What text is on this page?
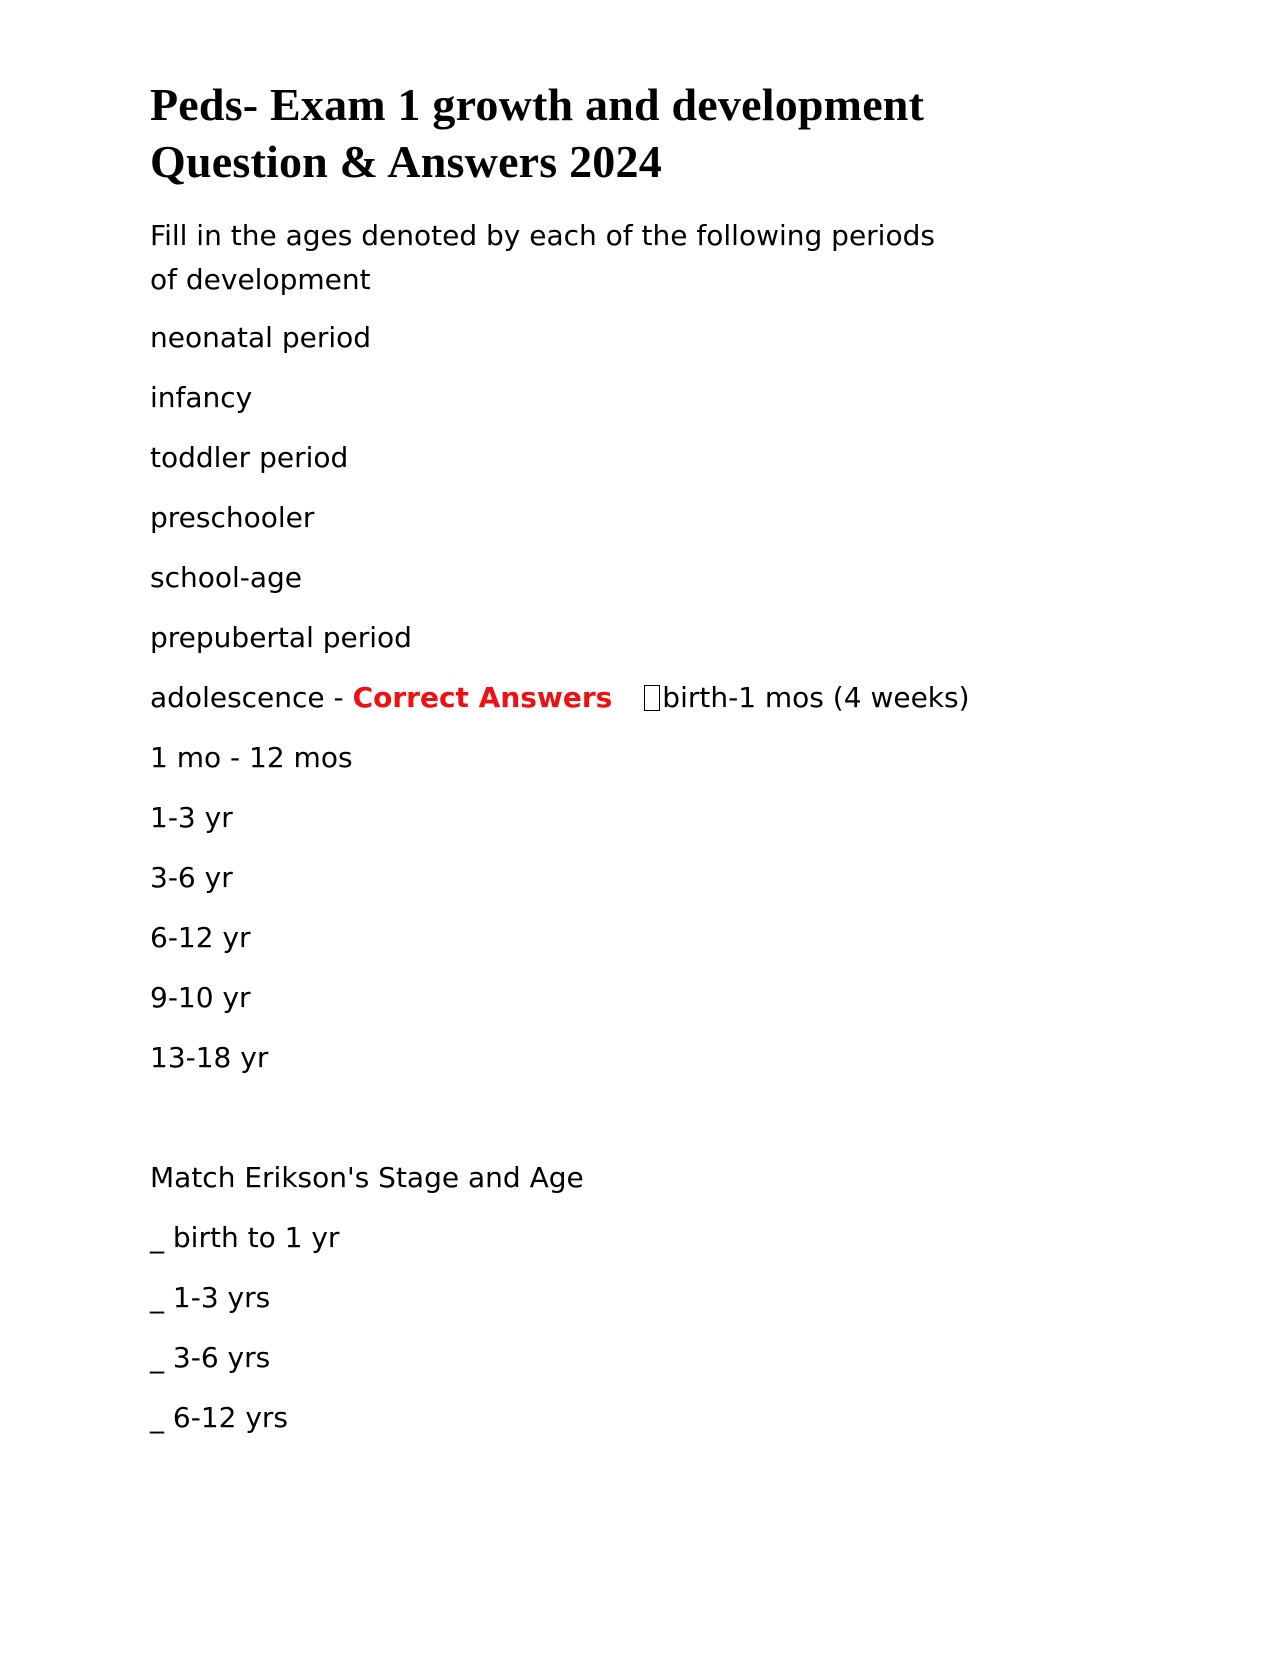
Peds- Exam 1 growth and development
Question & Answers 2024

Fill in the ages denoted by each of the following periods of development

neonatal period

infancy

toddler period

preschooler

school-age

prepubertal period

adolescence - Correct Answers birth-1 mos (4 weeks)

1 mo - 12 mos

1-3 yr

3-6 yr

6-12 yr

9-10 yr

13-18 yr

Match Erikson's Stage and Age

_ birth to 1 yr

_ 1-3 yrs

_ 3-6 yrs

_ 6-12 yrs
